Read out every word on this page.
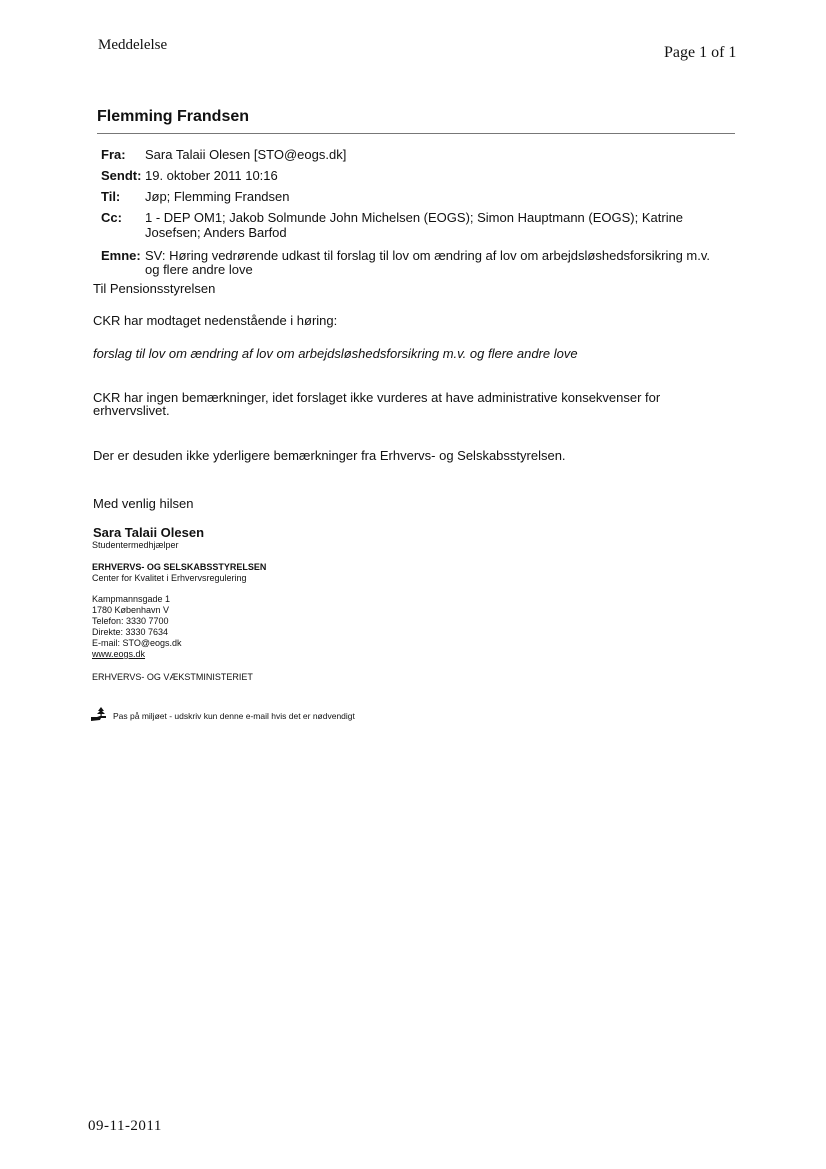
Meddelelse	Page 1 of 1
Flemming Frandsen
Fra: Sara Talaii Olesen [STO@eogs.dk]
Sendt: 19. oktober 2011 10:16
Til: Jøp; Flemming Frandsen
Cc: 1 - DEP OM1; Jakob Solmunde John Michelsen (EOGS); Simon Hauptmann (EOGS); Katrine
Josefsen; Anders Barfod
Emne: SV: Høring vedrørende udkast til forslag til lov om ændring af lov om arbejdsløshedsforsikring m.v.
og flere andre love
Til Pensionsstyrelsen
CKR har modtaget nedenstående i høring:
forslag til lov om ændring af lov om arbejdsløshedsforsikring m.v. og flere andre love
CKR har ingen bemærkninger, idet forslaget ikke vurderes at have administrative konsekvenser for
erhvervslivet.
Der er desuden ikke yderligere bemærkninger fra Erhvervs- og Selskabsstyrelsen.
Med venlig hilsen
Sara Talaii Olesen
Studentermedhjælper
ERHVERVS- OG SELSKABSSTYRELSEN
Center for Kvalitet i Erhvervsregulering
Kampmannsgade 1
1780 København V
Telefon: 3330 7700
Direkte: 3330 7634
E-mail: STO@eogs.dk
www.eogs.dk
ERHVERVS- OG VÆKSTMINISTERIET
Pas på miljøet - udskriv kun denne e-mail hvis det er nødvendigt
09-11-2011
